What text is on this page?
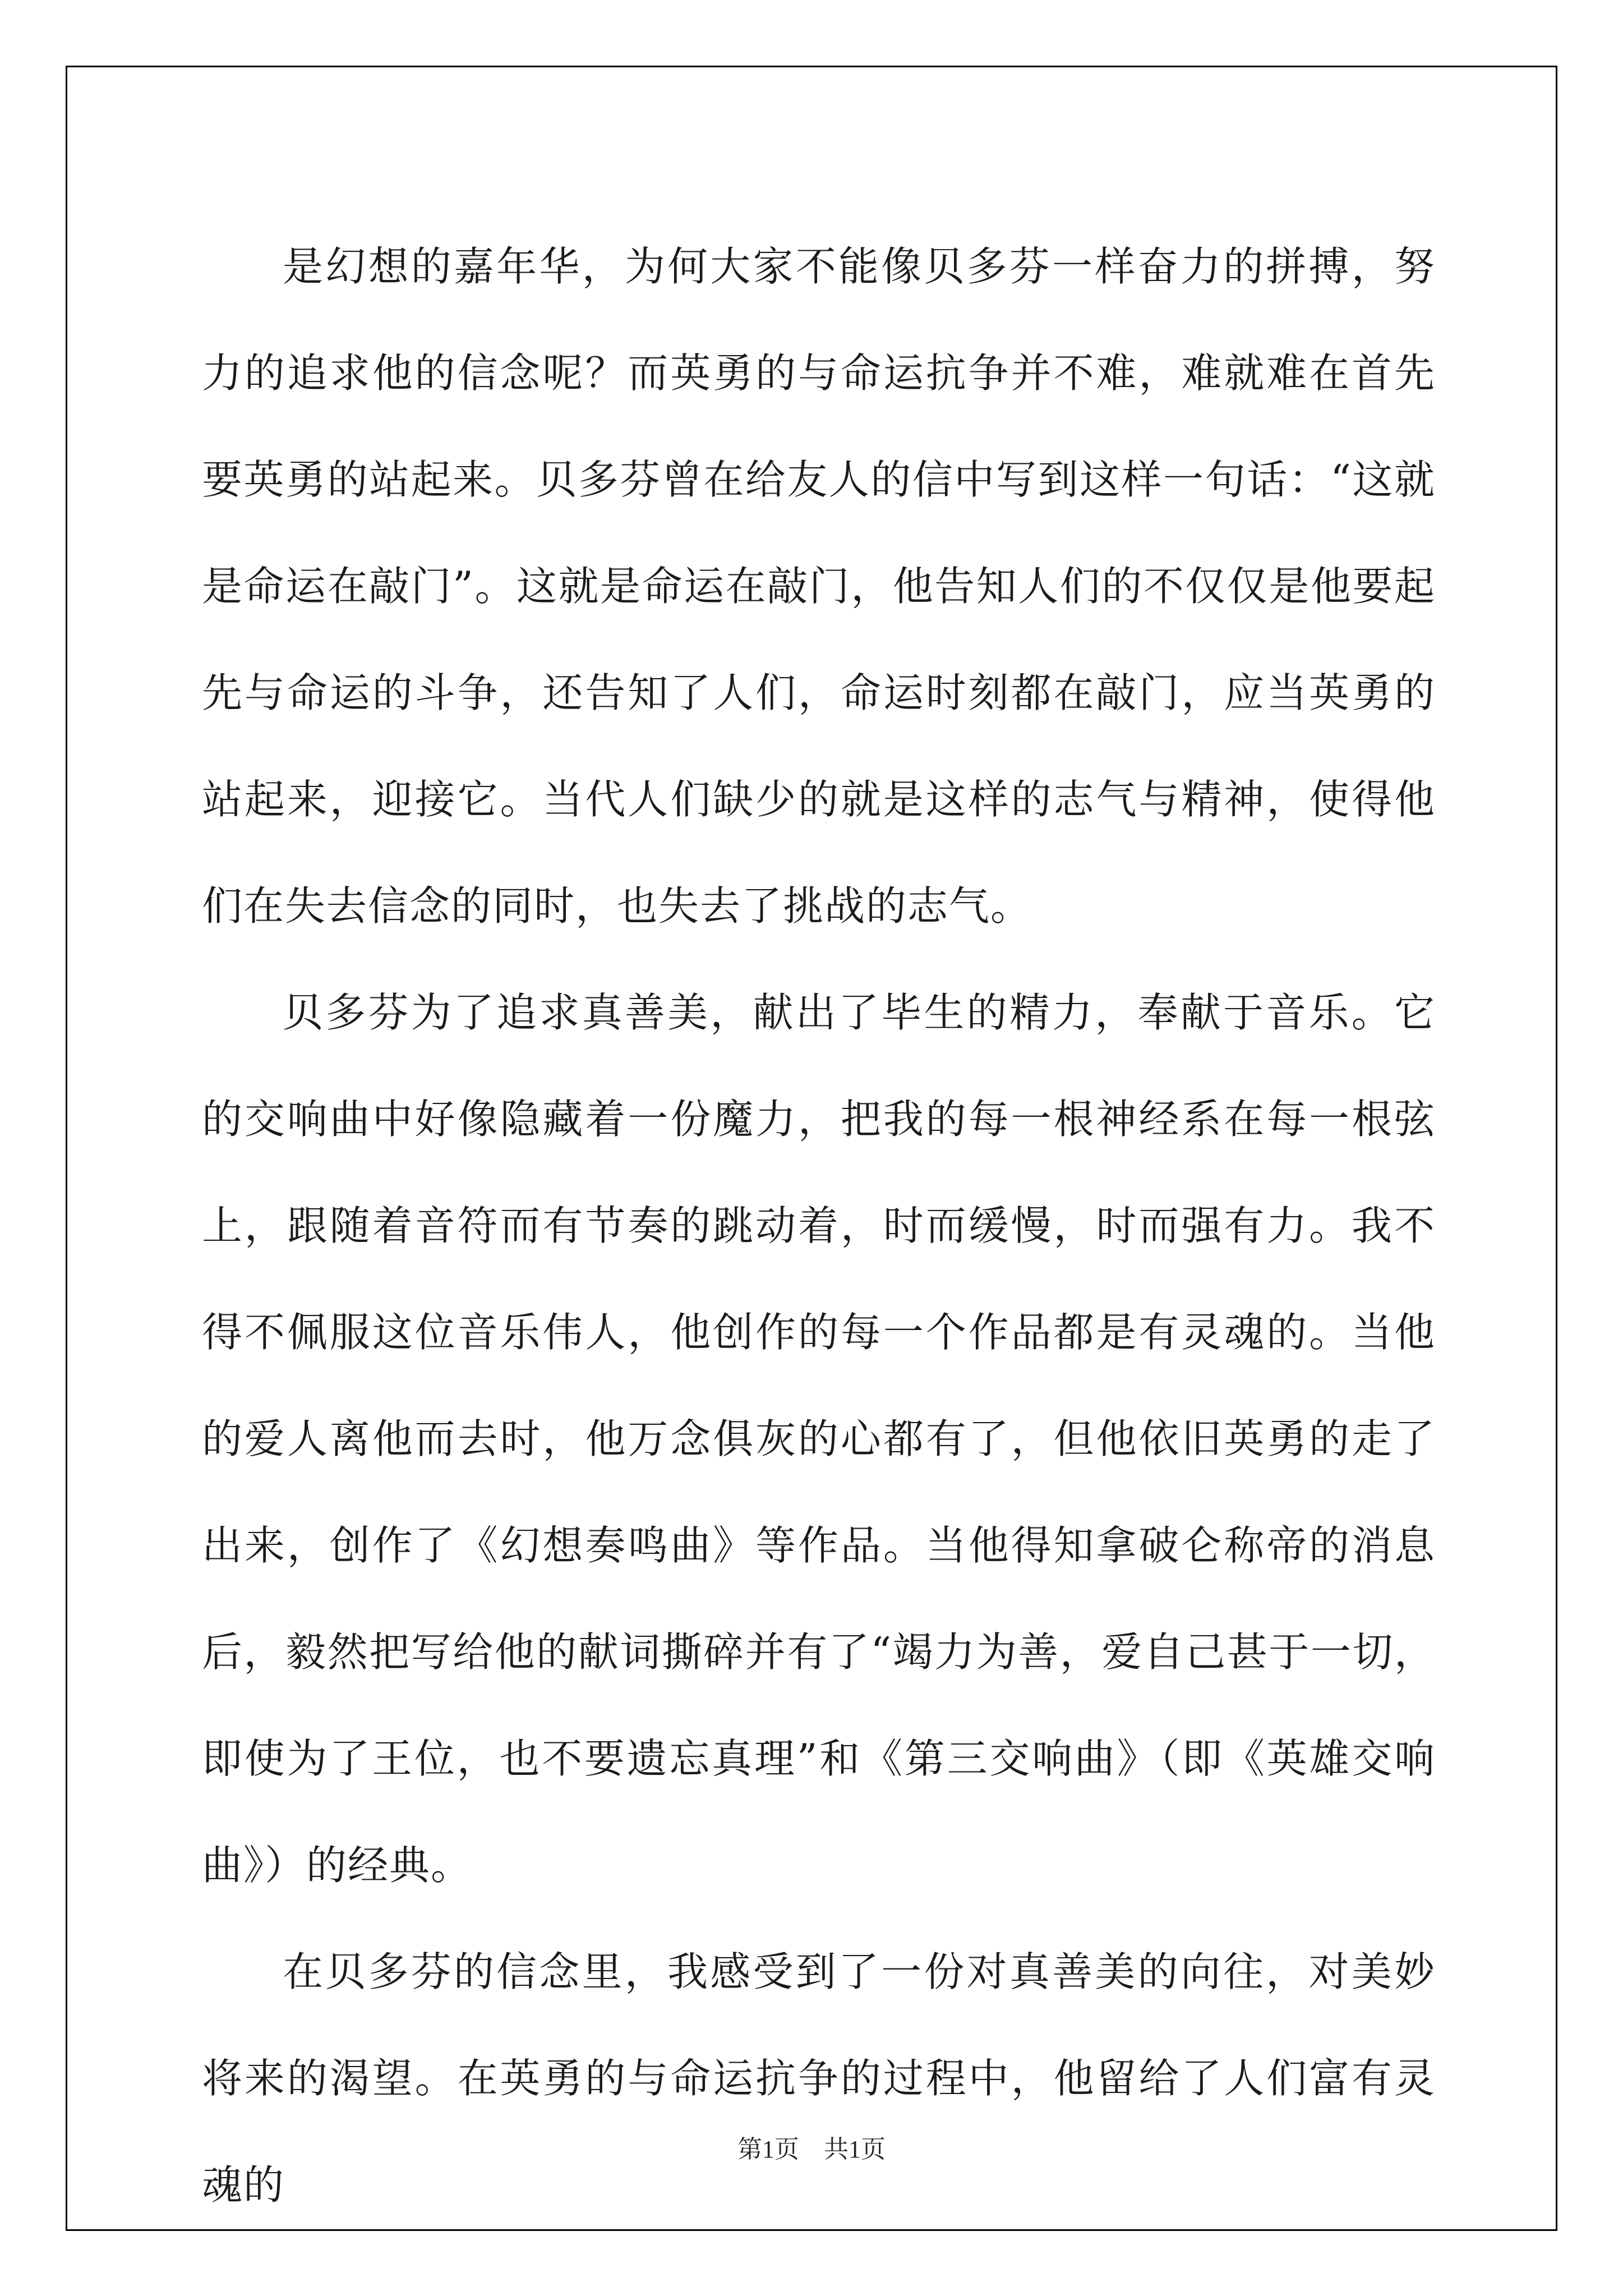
是幻想的嘉年华，为何大家不能像贝多芬一样奋力的拼搏，努力的追求他的信念呢？而英勇的与命运抗争并不难，难就难在首先要英勇的站起来。贝多芬曾在给友人的信中写到这样一句话：“这就是命运在敲门”。这就是命运在敲门，他告知人们的不仅仅是他要起先与命运的斗争，还告知了人们，命运时刻都在敲门，应当英勇的站起来，迎接它。当代人们缺少的就是这样的志气与精神，使得他们在失去信念的同时，也失去了挑战的志气。

贝多芬为了追求真善美，献出了毕生的精力，奉献于音乐。它的交响曲中好像隐藏着一份魔力，把我的每一根神经系在每一根弦上，跟随着音符而有节奏的跳动着，时而缓慢，时而强有力。我不得不佩服这位音乐伟人，他创作的每一个作品都是有灵魂的。当他的爱人离他而去时，他万念俱灰的心都有了，但他依旧英勇的走了出来，创作了《幻想奏鸣曲》等作品。当他得知拿破仑称帝的消息后，毅然把写给他的献词撕碎并有了“竭力为善，爱自己甚于一切，即使为了王位，也不要遗忘真理”和《第三交响曲》（即《英雄交响曲》）的经典。

在贝多芬的信念里，我感受到了一份对真善美的向往，对美妙将来的渴望。在英勇的与命运抗争的过程中，他留给了人们富有灵魂的

第1页 共1页
